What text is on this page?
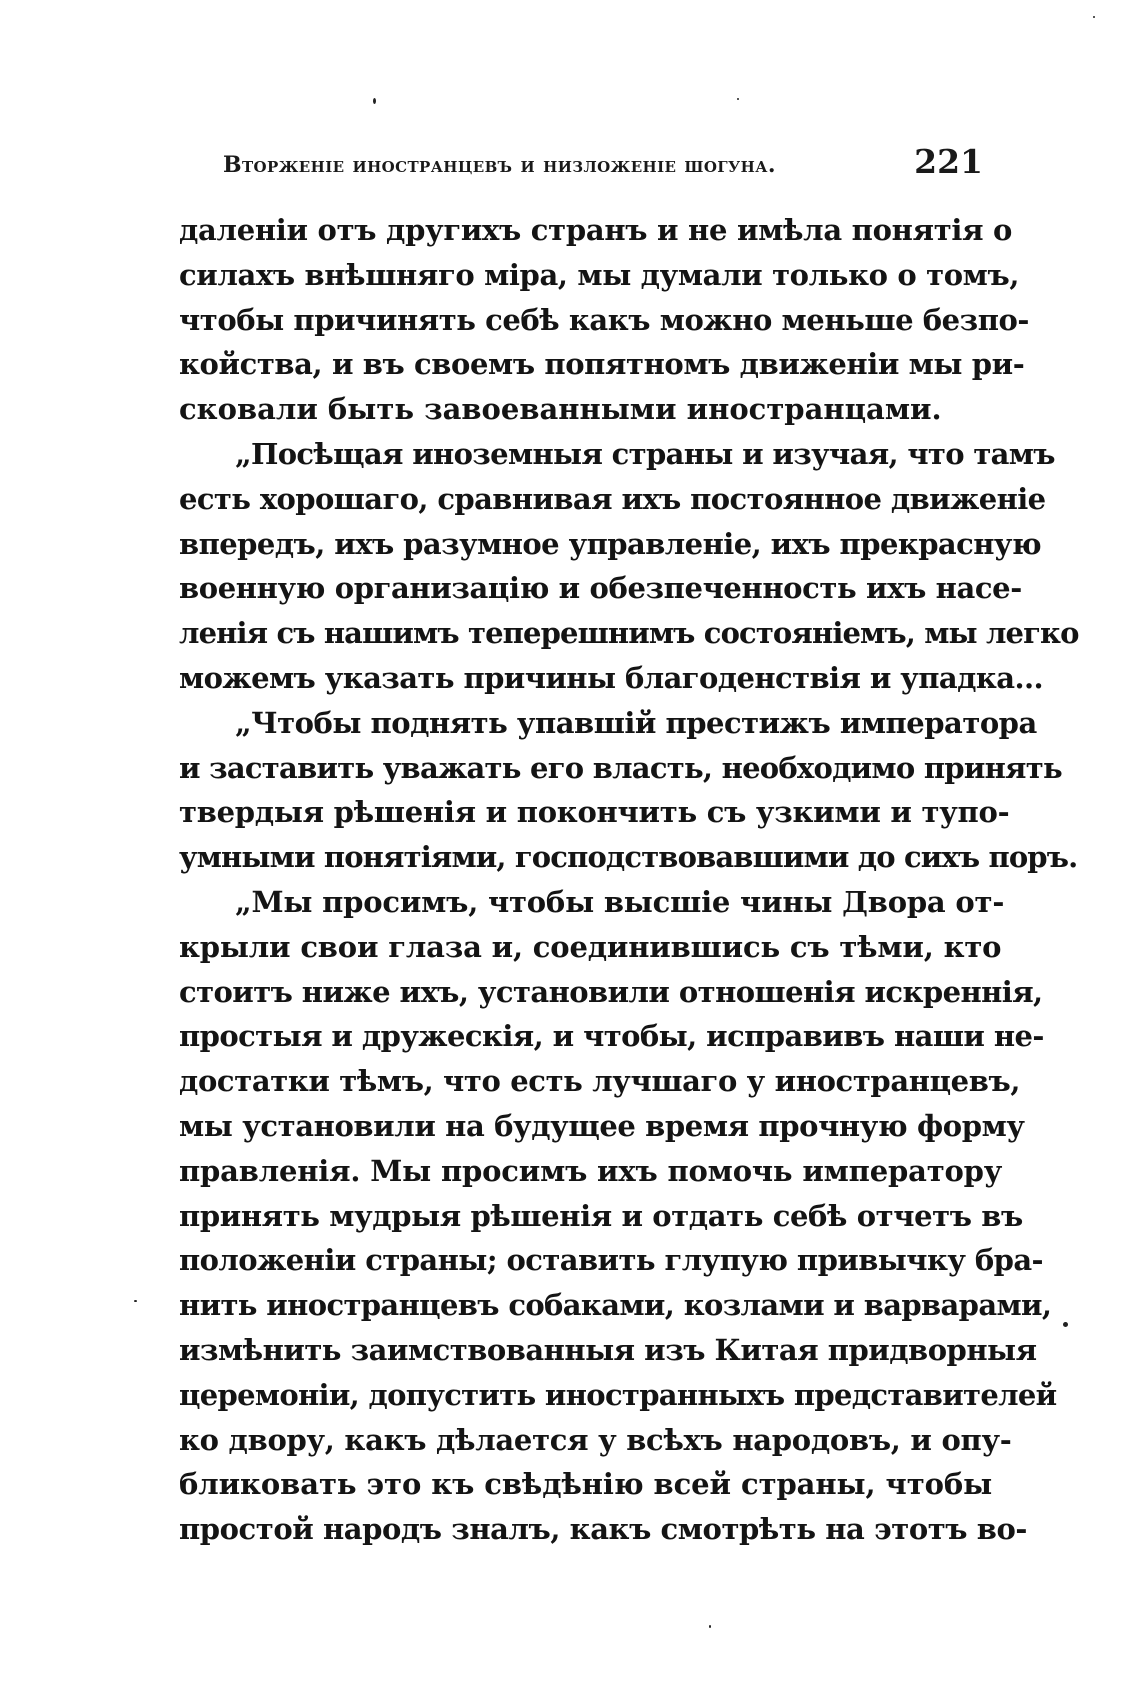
Вторженіе иностранцевъ и низложеніе шогуна.	221
даленіи отъ другихъ странъ и не имѣла понятія о
силахъ внѣшняго міра, мы думали только о томъ,
чтобы причинять себѣ какъ можно меньше безпо-
койства, и въ своемъ попятномъ движеніи мы ри-
сковали быть завоеванными иностранцами.
„Посѣщая иноземныя страны и изучая, что тамъ
есть хорошаго, сравнивая ихъ постоянное движеніе
впередъ, ихъ разумное управленіе, ихъ прекрасную
военную организацію и обезпеченность ихъ насе-
ленія съ нашимъ теперешнимъ состояніемъ, мы легко
можемъ указать причины благоденствія и упадка...
„Чтобы поднять упавшій престижъ императора
и заставить уважать его власть, необходимо принять
твердыя рѣшенія и покончить съ узкими и тупо-
умными понятіями, господствовавшими до сихъ поръ.
„Мы просимъ, чтобы высшіе чины Двора от-
крыли свои глаза и, соединившись съ тѣми, кто
стоитъ ниже ихъ, установили отношенія искреннія,
простыя и дружескія, и чтобы, исправивъ наши не-
достатки тѣмъ, что есть лучшаго у иностранцевъ,
мы установили на будущее время прочную форму
правленія. Мы просимъ ихъ помочь императору
принять мудрыя рѣшенія и отдать себѣ отчетъ въ
положеніи страны; оставить глупую привычку бра-
нить иностранцевъ собаками, козлами и варварами,
измѣнить заимствованныя изъ Китая придворныя
церемоніи, допустить иностранныхъ представителей
ко двору, какъ дѣлается у всѣхъ народовъ, и опу-
бликовать это къ свѣдѣнію всей страны, чтобы
простой народъ зналъ, какъ смотрѣть на этотъ во-
